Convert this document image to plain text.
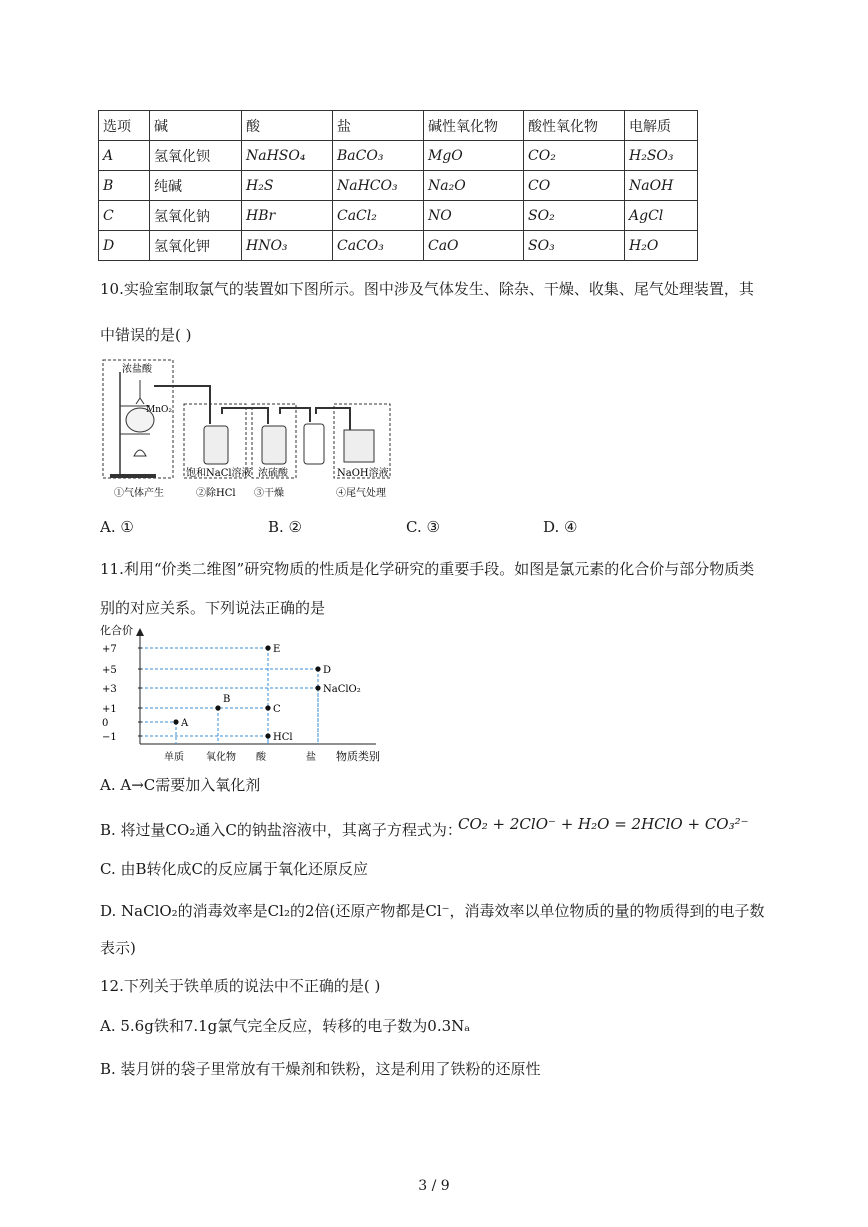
选项	碱	酸	盐	碱性氧化物	酸性氧化物	电解质
A	氢氧化钡	NaHSO₄	BaCO₃	MgO	CO₂	H₂SO₃
B	纯碱	H₂S	NaHCO₃	Na₂O	CO	NaOH
C	氢氧化钠	HBr	CaCl₂	NO	SO₂	AgCl
D	氢氧化钾	HNO₃	CaCO₃	CaO	SO₃	H₂O
10.实验室制取氯气的装置如下图所示。图中涉及气体发生、除杂、干燥、收集、尾气处理装置，其
中错误的是( )
浓盐酸
MnO₂
饱和NaCl溶液 浓硫酸	NaOH溶液
①气体产生	②除HCl ③干燥	④尾气处理
A. ①	B. ②	C. ③	D. ④
11.利用“价类二维图”研究物质的性质是化学研究的重要手段。如图是氯元素的化合价与部分物质类
别的对应关系。下列说法正确的是
化合价
物质类别
+7
+5
+3
+1
0
−1
单质 氧化物 酸	盐
A
B
C
HCl
E
D
NaClO₂
A. A→C需要加入氧化剂
B. 将过量CO₂通入C的钠盐溶液中，其离子方程式为：
CO₂ + 2ClO⁻ + H₂O = 2HClO + CO₃²⁻
C. 由B转化成C的反应属于氧化还原反应
D. NaClO₂的消毒效率是Cl₂的2倍(还原产物都是Cl⁻，消毒效率以单位物质的量的物质得到的电子数
表示)
12.下列关于铁单质的说法中不正确的是( )
A. 5.6g铁和7.1g氯气完全反应，转移的电子数为0.3Nₐ
B. 装月饼的袋子里常放有干燥剂和铁粉，这是利用了铁粉的还原性
3 / 9
